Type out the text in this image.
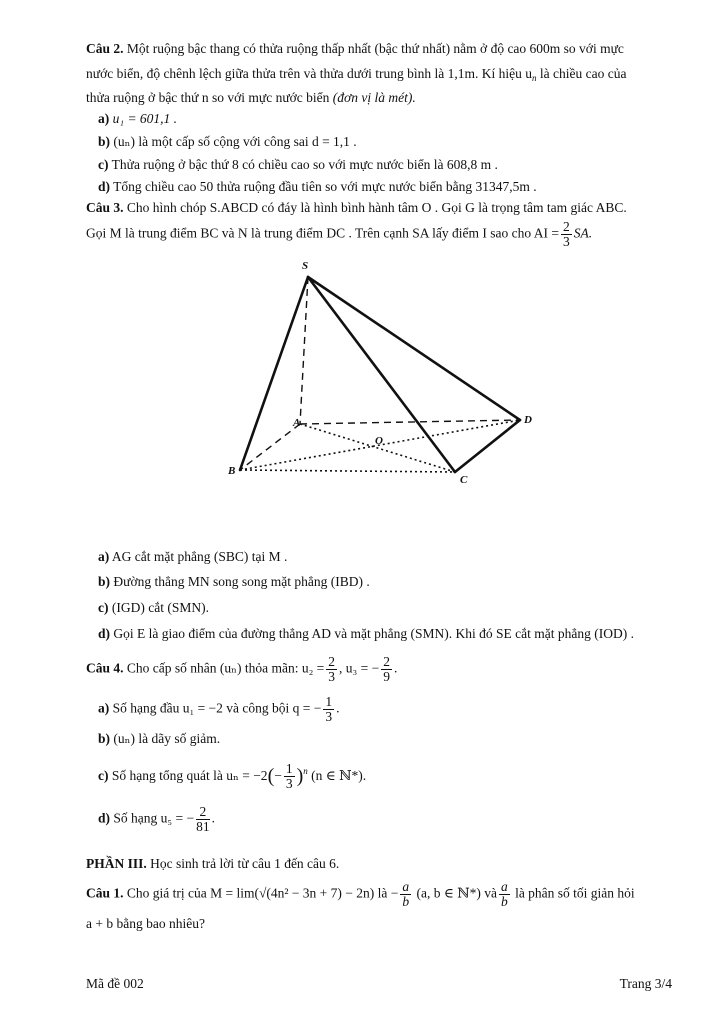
Câu 2. Một ruộng bậc thang có thửa ruộng thấp nhất (bậc thứ nhất) nằm ở độ cao 600m so với mực
nước biển, độ chênh lệch giữa thửa trên và thửa dưới trung bình là 1,1m. Kí hiệu $u_n$ là chiều cao của
thửa ruộng ở bậc thứ n so với mực nước biển (đơn vị là mét).
a) u₁ = 601,1 .
b) (uₙ) là một cấp số cộng với công sai d = 1,1 .
c) Thửa ruộng ở bậc thứ 8 có chiều cao so với mực nước biển là 608,8 m .
d) Tổng chiều cao 50 thửa ruộng đầu tiên so với mực nước biển bằng 31347,5m .
Câu 3. Cho hình chóp S.ABCD có đáy là hình bình hành tâm O . Gọi G là trọng tâm tam giác ABC.
Gọi M là trung điểm BC và N là trung điểm DC . Trên cạnh SA lấy điểm I sao cho AI = $\frac{2}{3}$ SA.
S
A
B
C
D
O
a) AG cắt mặt phẳng (SBC) tại M .
b) Đường thẳng MN song song mặt phẳng (IBD) .
c) (IGD) cắt (SMN).
d) Gọi E là giao điểm của đường thẳng AD và mặt phẳng (SMN). Khi đó SE cắt mặt phẳng (IOD) .
Câu 4. Cho cấp số nhân (uₙ) thỏa mãn: $u_2 = \frac{2}{3}$ , u₃ = − $\frac{2}{9}$ .
a) Số hạng đầu u₁ = −2 và công bội q = − $\frac{1}{3}$ .
b) (uₙ) là dãy số giảm.
c) Số hạng tổng quát là $u_n = -2(- \frac{1}{3} )^n$ (n ∈ ℕ*).
d) Số hạng u₅ = − $\frac{2}{81}$ .
PHẦN III. Học sinh trả lời từ câu 1 đến câu 6.
Câu 1. Cho giá trị của M = lim(√(4n² − 3n + 7) − 2n) là − $\frac{a}{b} (a$, b ∈ ℕ*) và $\frac{a}{b}$ là phân số tối giản hỏi
a + b bằng bao nhiêu?
Mã đề 002	Trang 3/4
